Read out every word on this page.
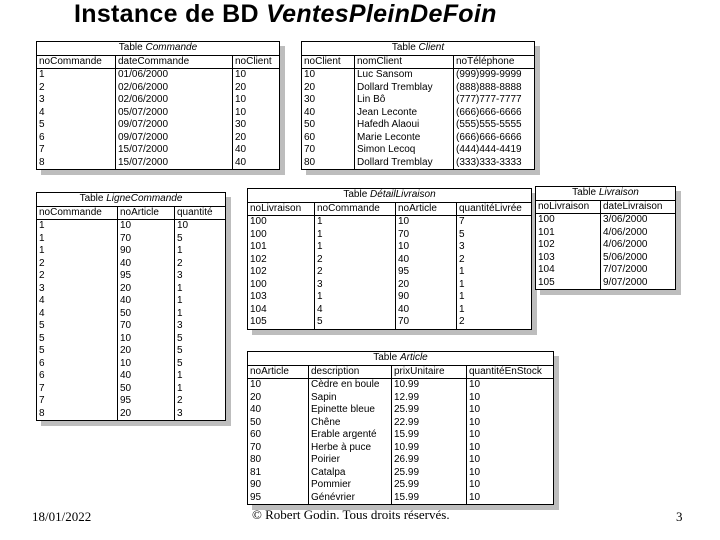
Instance de BD VentesPleinDeFoin
Table Commande		
noCommande	dateCommande	noClient
1	01/06/2000	10
2	02/06/2000	20
3	02/06/2000	10
4	05/07/2000	10
5	09/07/2000	30
6	09/07/2000	20
7	15/07/2000	40
8	15/07/2000	40
Table Client		
noClient	nomClient	noTéléphone
10	Luc Sansom	(999)999-9999
20	Dollard Tremblay	(888)888-8888
30	Lin Bô	(777)777-7777
40	Jean Leconte	(666)666-6666
50	Hafedh Alaoui	(555)555-5555
60	Marie Leconte	(666)666-6666
70	Simon Lecoq	(444)444-4419
80	Dollard Tremblay	(333)333-3333
Table LigneCommande		
noCommande	noArticle	quantité
1	10	10
1	70	5
1	90	1
2	40	2
2	95	3
3	20	1
4	40	1
4	50	1
5	70	3
5	10	5
5	20	5
6	10	5
6	40	1
7	50	1
7	95	2
8	20	3
Table DétailLivraison			
noLivraison	noCommande	noArticle	quantitéLivrée
100	1	10	7
100	1	70	5
101	1	10	3
102	2	40	2
102	2	95	1
100	3	20	1
103	1	90	1
104	4	40	1
105	5	70	2
Table Livraison	
noLivraison	dateLivraison
100	3/06/2000
101	4/06/2000
102	4/06/2000
103	5/06/2000
104	7/07/2000
105	9/07/2000
Table Article			
noArticle	description	prixUnitaire	quantitéEnStock
10	Cèdre en boule	10.99	10
20	Sapin	12.99	10
40	Epinette bleue	25.99	10
50	Chêne	22.99	10
60	Erable argenté	15.99	10
70	Herbe à puce	10.99	10
80	Poirier	26.99	10
81	Catalpa	25.99	10
90	Pommier	25.99	10
95	Génévrier	15.99	10
18/01/2022	© Robert Godin. Tous droits réservés.	3
